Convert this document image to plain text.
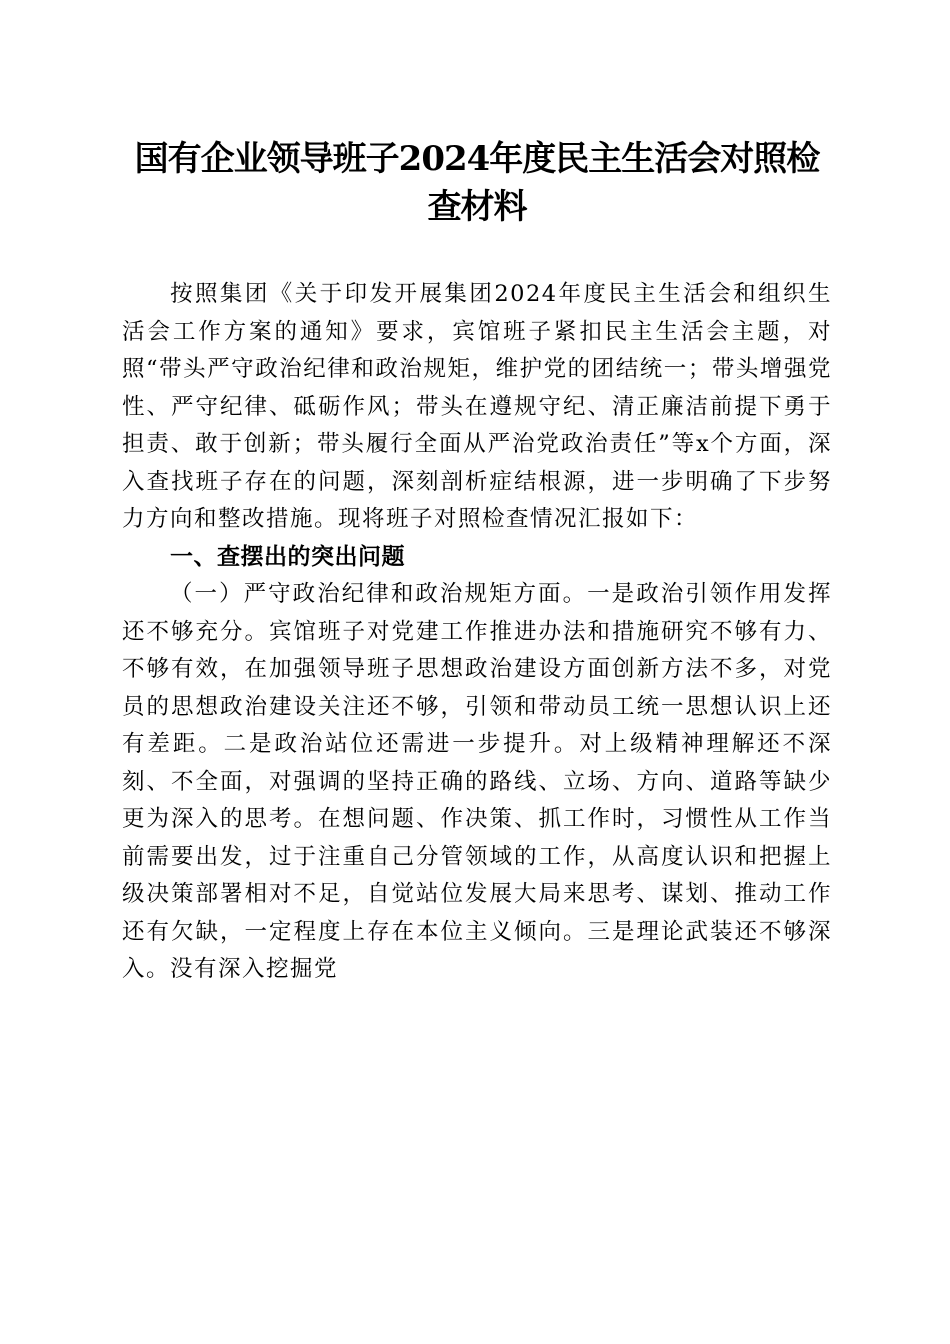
国有企业领导班子2024年度民主生活会对照检查材料

按照集团《关于印发开展集团2024年度民主生活会和组织生活会工作方案的通知》要求，宾馆班子紧扣民主生活会主题，对照“带头严守政治纪律和政治规矩，维护党的团结统一；带头增强党性、严守纪律、砥砺作风；带头在遵规守纪、清正廉洁前提下勇于担责、敢于创新；带头履行全面从严治党政治责任”等x个方面，深入查找班子存在的问题，深刻剖析症结根源，进一步明确了下步努力方向和整改措施。现将班子对照检查情况汇报如下：

一、查摆出的突出问题

（一）严守政治纪律和政治规矩方面。一是政治引领作用发挥还不够充分。宾馆班子对党建工作推进办法和措施研究不够有力、不够有效，在加强领导班子思想政治建设方面创新方法不多，对党员的思想政治建设关注还不够，引领和带动员工统一思想认识上还有差距。二是政治站位还需进一步提升。对上级精神理解还不深刻、不全面，对强调的坚持正确的路线、立场、方向、道路等缺少更为深入的思考。在想问题、作决策、抓工作时，习惯性从工作当前需要出发，过于注重自己分管领域的工作，从高度认识和把握上级决策部署相对不足，自觉站位发展大局来思考、谋划、推动工作还有欠缺，一定程度上存在本位主义倾向。三是理论武装还不够深入。没有深入挖掘党
